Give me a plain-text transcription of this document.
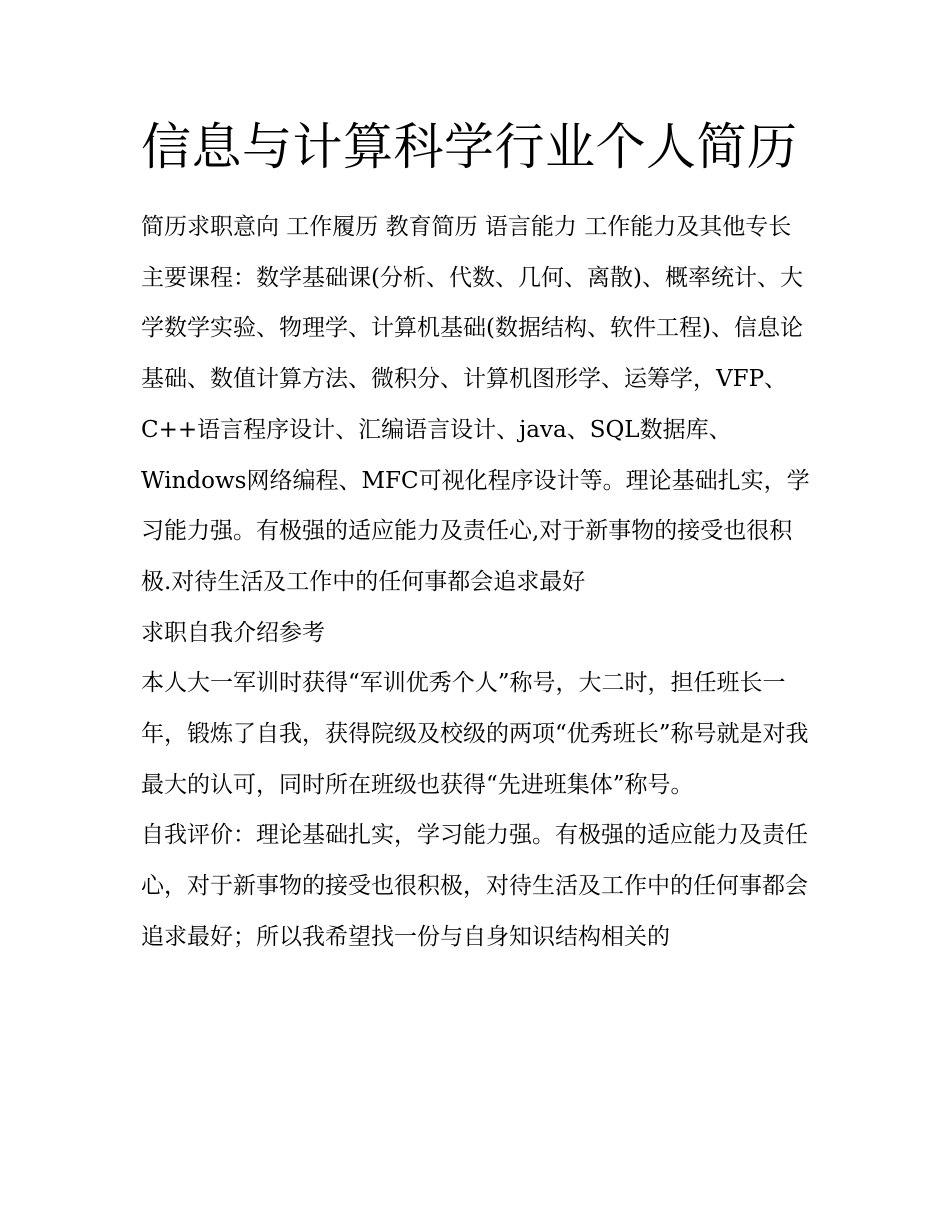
信息与计算科学行业个人简历

简历求职意向 工作履历 教育简历 语言能力 工作能力及其他专长

主要课程：数学基础课(分析、代数、几何、离散)、概率统计、大学数学实验、物理学、计算机基础(数据结构、软件工程)、信息论基础、数值计算方法、微积分、计算机图形学、运筹学，VFP、C++语言程序设计、汇编语言设计、java、SQL数据库、Windows网络编程、MFC可视化程序设计等。理论基础扎实，学习能力强。有极强的适应能力及责任心,对于新事物的接受也很积极.对待生活及工作中的任何事都会追求最好

求职自我介绍参考

本人大一军训时获得“军训优秀个人”称号，大二时，担任班长一年，锻炼了自我，获得院级及校级的两项“优秀班长”称号就是对我最大的认可，同时所在班级也获得“先进班集体”称号。

自我评价：理论基础扎实，学习能力强。有极强的适应能力及责任心，对于新事物的接受也很积极，对待生活及工作中的任何事都会追求最好；所以我希望找一份与自身知识结构相关的
